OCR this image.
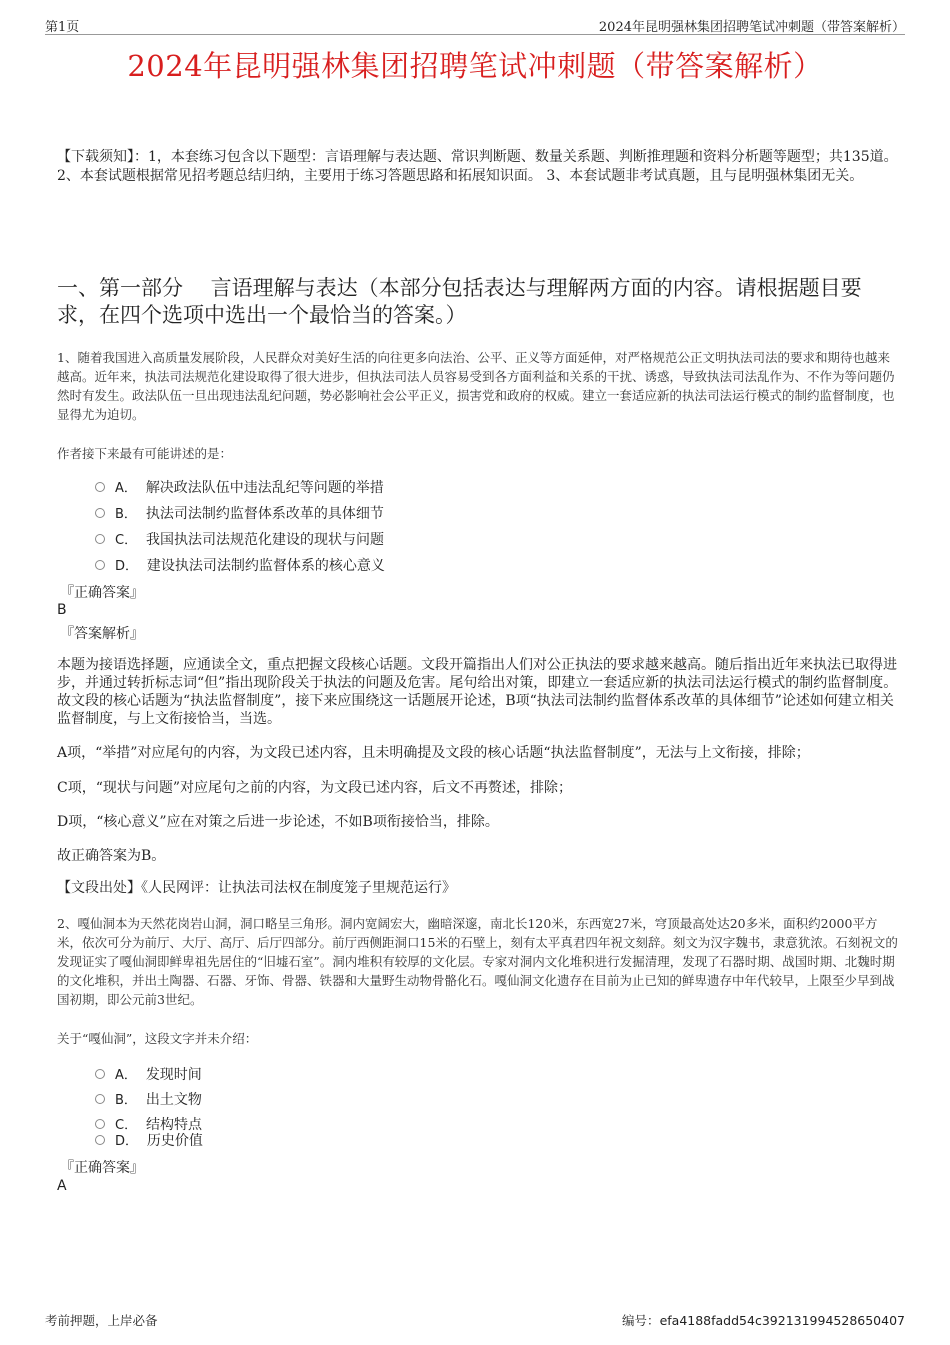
第1页	2024年昆明强林集团招聘笔试冲刺题（带答案解析）
2024年昆明强林集团招聘笔试冲刺题（带答案解析）
【下载须知】：1，本套练习包含以下题型：言语理解与表达题、常识判断题、数量关系题、判断推理题和资料分析题等题型；共135道。 2、本套试题根据常见招考题总结归纳，主要用于练习答题思路和拓展知识面。 3、本套试题非考试真题，且与昆明强林集团无关。
一、第一部分　 言语理解与表达（本部分包括表达与理解两方面的内容。请根据题目要求，在四个选项中选出一个最恰当的答案。）
1、随着我国进入高质量发展阶段，人民群众对美好生活的向往更多向法治、公平、正义等方面延伸，对严格规范公正文明执法司法的要求和期待也越来越高。近年来，执法司法规范化建设取得了很大进步，但执法司法人员容易受到各方面利益和关系的干扰、诱惑，导致执法司法乱作为、不作为等问题仍然时有发生。政法队伍一旦出现违法乱纪问题，势必影响社会公平正义，损害党和政府的权威。建立一套适应新的执法司法运行模式的制约监督制度，也显得尤为迫切。
作者接下来最有可能讲述的是：
A． 解决政法队伍中违法乱纪等问题的举措
B． 执法司法制约监督体系改革的具体细节
C． 我国执法司法规范化建设的现状与问题
D． 建设执法司法制约监督体系的核心意义
『正确答案』
B
『答案解析』
本题为接语选择题，应通读全文，重点把握文段核心话题。文段开篇指出人们对公正执法的要求越来越高。随后指出近年来执法已取得进步，并通过转折标志词“但”指出现阶段关于执法的问题及危害。尾句给出对策，即建立一套适应新的执法司法运行模式的制约监督制度。故文段的核心话题为“执法监督制度”，接下来应围绕这一话题展开论述，B项“执法司法制约监督体系改革的具体细节”论述如何建立相关监督制度，与上文衔接恰当，当选。
A项，“举措”对应尾句的内容，为文段已述内容，且未明确提及文段的核心话题“执法监督制度”，无法与上文衔接，排除；
C项，“现状与问题”对应尾句之前的内容，为文段已述内容，后文不再赘述，排除；
D项，“核心意义”应在对策之后进一步论述，不如B项衔接恰当，排除。
故正确答案为B。
【文段出处】《人民网评：让执法司法权在制度笼子里规范运行》
2、嘎仙洞本为天然花岗岩山洞，洞口略呈三角形。洞内宽阔宏大，幽暗深邃，南北长120米，东西宽27米，穹顶最高处达20多米，面积约2000平方米，依次可分为前厅、大厅、高厅、后厅四部分。前厅西侧距洞口15米的石壁上，刻有太平真君四年祝文刻辞。刻文为汉字魏书，隶意犹浓。石刻祝文的发现证实了嘎仙洞即鲜卑祖先居住的“旧墟石室”。洞内堆积有较厚的文化层。专家对洞内文化堆积进行发掘清理，发现了石器时期、战国时期、北魏时期的文化堆积，并出土陶器、石器、牙饰、骨器、铁器和大量野生动物骨骼化石。嘎仙洞文化遗存在目前为止已知的鲜卑遗存中年代较早，上限至少早到战国初期，即公元前3世纪。
关于“嘎仙洞”，这段文字并未介绍：
A． 发现时间
B． 出土文物
C． 结构特点
D． 历史价值
『正确答案』
A
考前押题，上岸必备	编号：efa4188fadd54c392131994528650407
